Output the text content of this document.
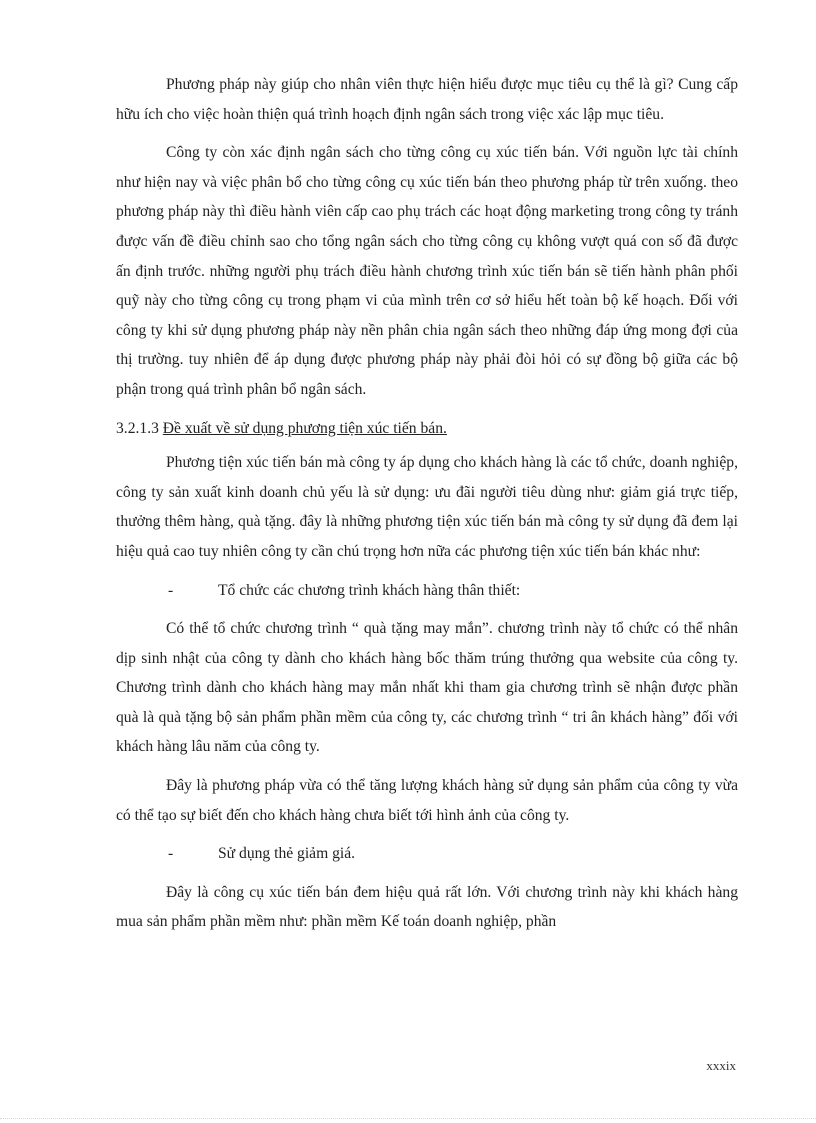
Phương pháp này giúp cho nhân viên thực hiện hiểu được mục tiêu cụ thể là gì? Cung cấp hữu ích cho việc hoàn thiện quá trình hoạch định ngân sách trong việc xác lập mục tiêu.

Công ty còn xác định ngân sách cho từng công cụ xúc tiến bán. Với nguồn lực tài chính như hiện nay và việc phân bổ cho từng công cụ xúc tiến bán theo phương pháp từ trên xuống. theo phương pháp này thì điều hành viên cấp cao phụ trách các hoạt động marketing trong công ty tránh được vấn đề điều chỉnh sao cho tổng ngân sách cho từng công cụ không vượt quá con số đã được ấn định trước. những người phụ trách điều hành chương trình xúc tiến bán sẽ tiến hành phân phối quỹ này cho từng công cụ trong phạm vi của mình trên cơ sở hiểu hết toàn bộ kế hoạch. Đối với công ty khi sử dụng phương pháp này nền phân chia ngân sách theo những đáp ứng mong đợi của thị trường. tuy nhiên để áp dụng được phương pháp này phải đòi hỏi có sự đồng bộ giữa các bộ phận trong quá trình phân bổ ngân sách.

3.2.1.3 Đề xuất về sử dụng phương tiện xúc tiến bán.

Phương tiện xúc tiến bán mà công ty áp dụng cho khách hàng là các tổ chức, doanh nghiệp, công ty sản xuất kinh doanh chủ yếu là sử dụng: ưu đãi người tiêu dùng như: giảm giá trực tiếp, thưởng thêm hàng, quà tặng. đây là những phương tiện xúc tiến bán mà công ty sử dụng đã đem lại hiệu quả cao tuy nhiên công ty cần chú trọng hơn nữa các phương tiện xúc tiến bán khác như:

-	Tổ chức các chương trình khách hàng thân thiết:

Có thể tổ chức chương trình “ quà tặng may mắn”. chương trình này tổ chức có thể nhân dịp sinh nhật của công ty dành cho khách hàng bốc thăm trúng thưởng qua website của công ty. Chương trình dành cho khách hàng may mắn nhất khi tham gia chương trình sẽ nhận được phần quà là quà tặng bộ sản phẩm phần mềm của công ty, các chương trình “ tri ân khách hàng” đối với khách hàng lâu năm của công ty.

Đây là phương pháp vừa có thể tăng lượng khách hàng sử dụng sản phẩm của công ty vừa có thể tạo sự biết đến cho khách hàng chưa biết tới hình ảnh của công ty.

-	Sử dụng thẻ giảm giá.

Đây là công cụ xúc tiến bán đem hiệu quả rất lớn. Với chương trình này khi khách hàng mua sản phẩm phần mềm như: phần mềm Kế toán doanh nghiệp, phần

xxxix
